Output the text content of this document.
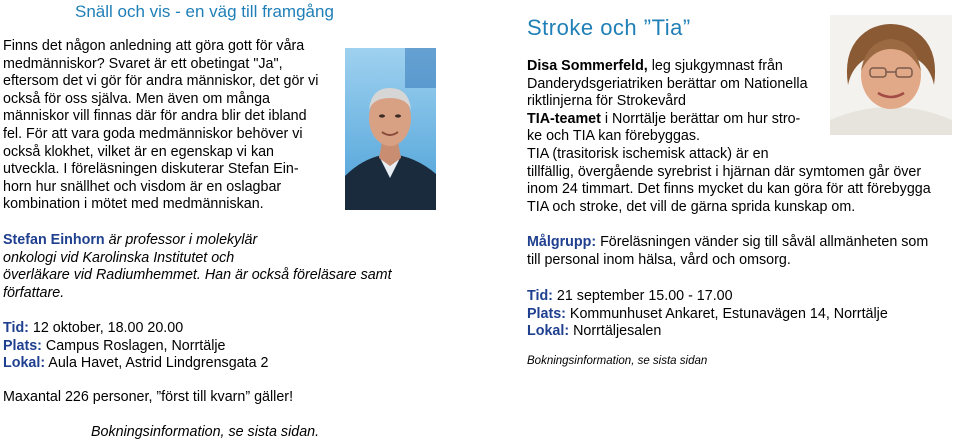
Snäll och vis - en väg till framgång
Finns det någon anledning att göra gott för våra
medmänniskor? Svaret är ett obetingat "Ja",
eftersom det vi gör för andra människor, det gör vi
också för oss själva. Men även om många
människor vill finnas där för andra blir det ibland
fel. För att vara goda medmänniskor behöver vi
också klokhet, vilket är en egenskap vi kan
utveckla. I föreläsningen diskuterar Stefan Ein-
horn hur snällhet och visdom är en oslagbar
kombination i mötet med medmänniskan.
Stefan Einhorn är professor i molekylär
onkologi vid Karolinska Institutet och
överläkare vid Radiumhemmet. Han är också föreläsare samt
författare.
Tid: 12 oktober, 18.00 20.00
Plats: Campus Roslagen, Norrtälje
Lokal: Aula Havet, Astrid Lindgrensgata 2
Maxantal 226 personer, ”först till kvarn” gäller!
Bokningsinformation, se sista sidan.
Stroke och ”Tia”
Disa Sommerfeld, leg sjukgymnast från
Danderydsgeriatriken berättar om Nationella
riktlinjerna för Strokevård
TIA-teamet i Norrtälje berättar om hur stro-
ke och TIA kan förebyggas.
TIA (trasitorisk ischemisk attack) är en
tillfällig, övergående syrebrist i hjärnan där symtomen går över
inom 24 timmart. Det finns mycket du kan göra för att förebygga
TIA och stroke, det vill de gärna sprida kunskap om.
Målgrupp: Föreläsningen vänder sig till såväl allmänheten som
till personal inom hälsa, vård och omsorg.
Tid: 21 september 15.00 - 17.00
Plats: Kommunhuset Ankaret, Estunavägen 14, Norrtälje
Lokal: Norrtäljesalen
Bokningsinformation, se sista sidan
